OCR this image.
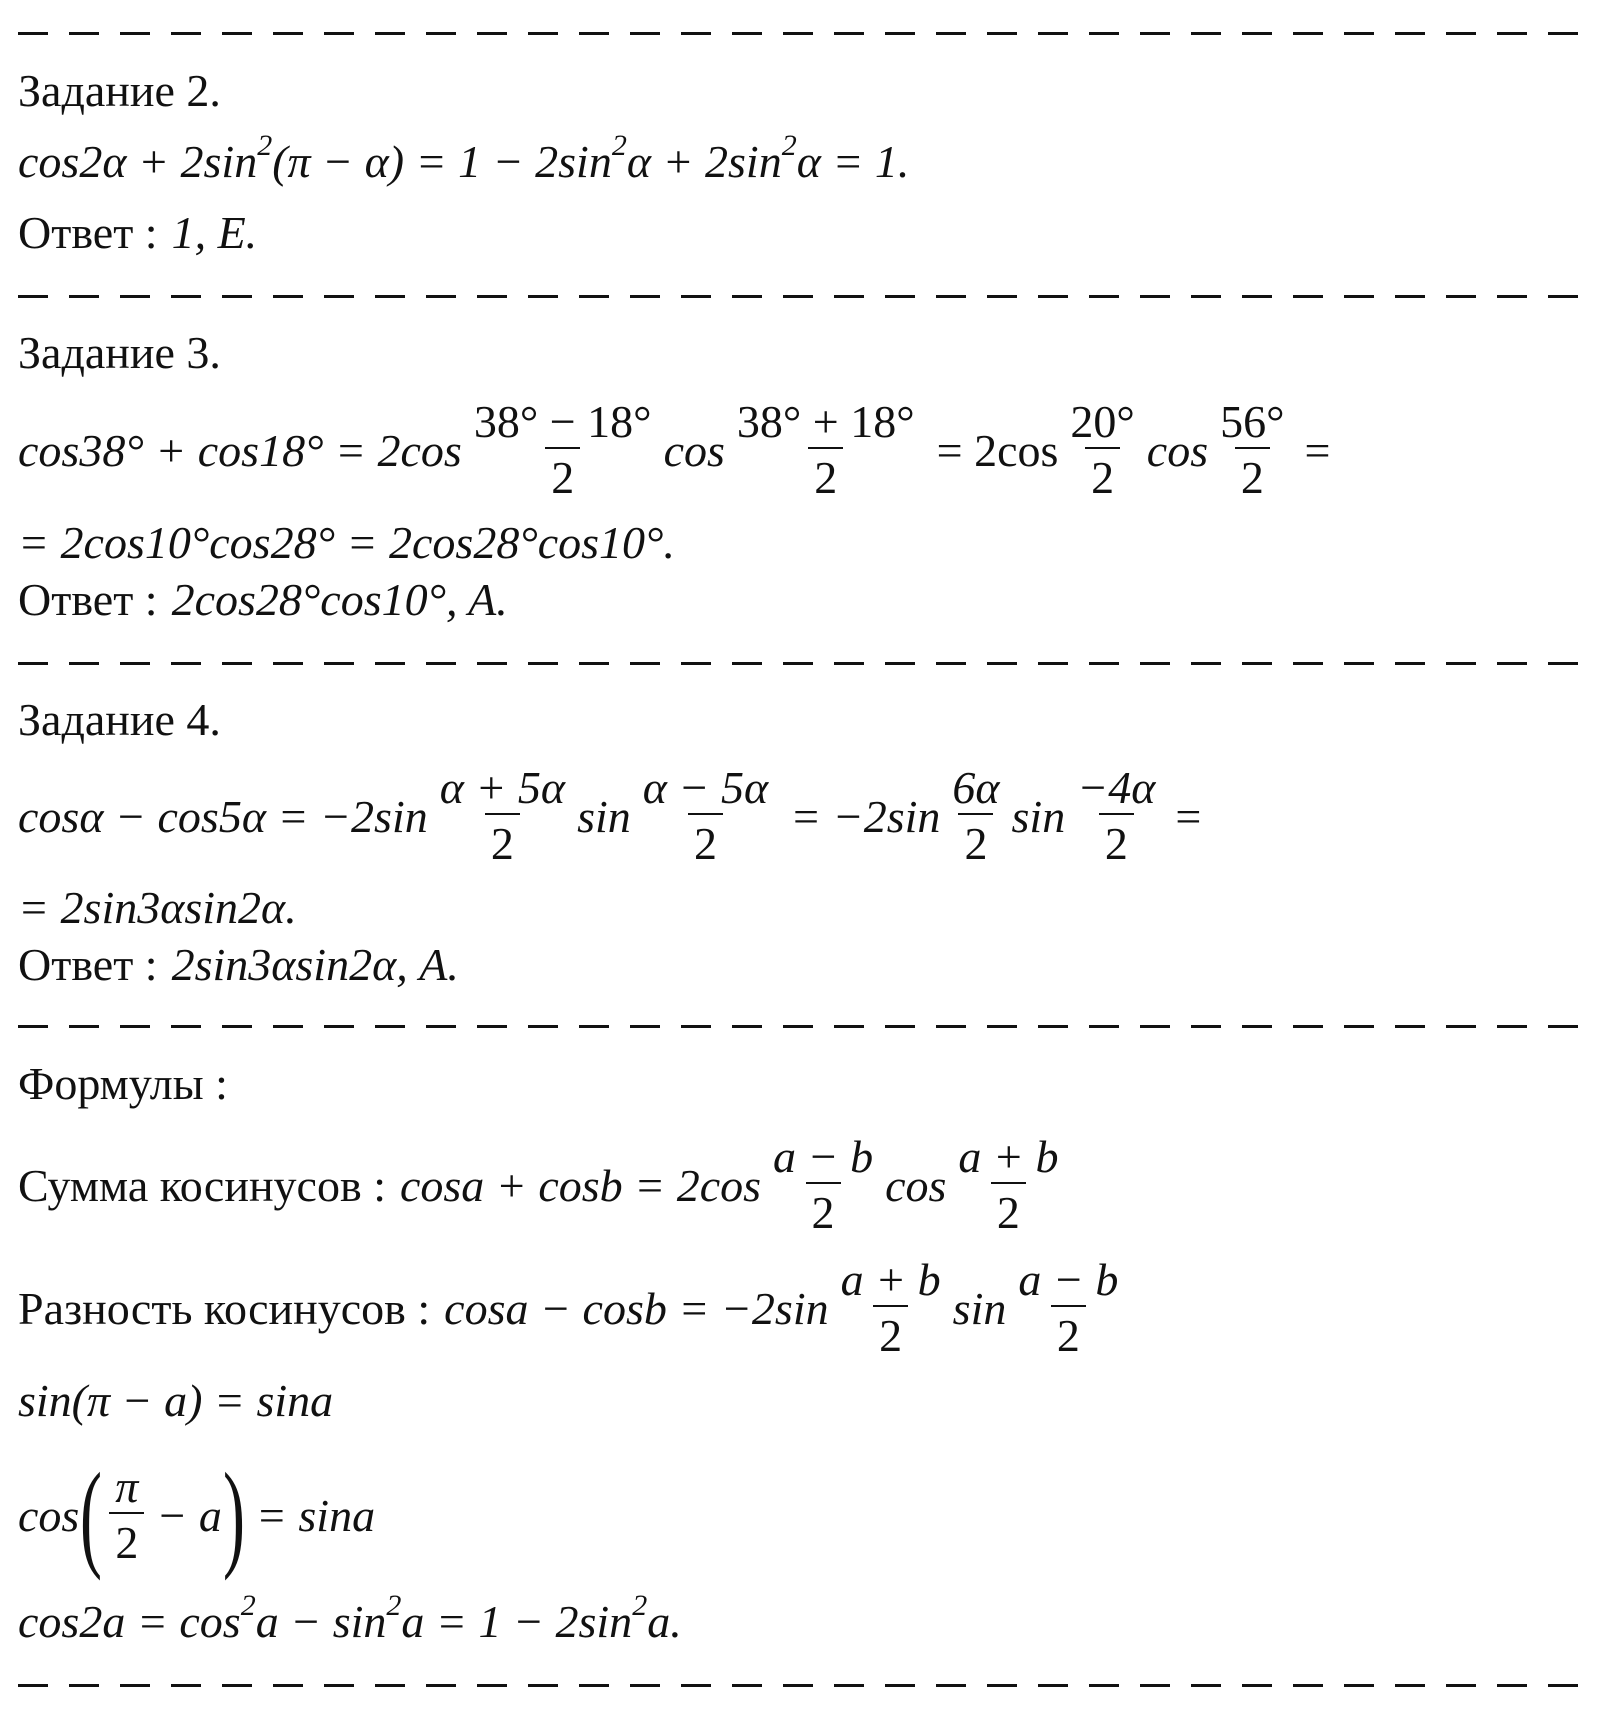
Задание 2.
$\cos 2\alpha + 2\sin^2(\pi - \alpha) = 1 - 2\sin^2\alpha + 2\sin^2\alpha = 1$.
Ответ : 1, E.
Задание 3.
$\cos 38^\circ + \cos 18^\circ = 2\cos \frac{38^\circ - 18^\circ}{2}$ $\cos \frac{38^\circ + 18^\circ}{2} = 2\cos \frac{20^\circ}{2}$ $\cos \frac{56^\circ}{2}$ =
= 2cos10°cos28° = 2cos28°cos10°.
Ответ : 2cos28°cos10°, A.
Задание 4.
$\cos\alpha - \cos 5\alpha = -2\sin \frac{\alpha + 5\alpha}{2}$ $\sin \frac{\alpha - 5\alpha}{2} = -2\sin \frac{6\alpha}{2}$ $\sin \frac{-4\alpha}{2}$ =
= 2sin3αsin2α.
Ответ : 2sin3αsin2α, A.
Формулы :
Сумма косинусов : $\cos a + \cos b = 2\cos \frac{a - b}{2}$ $\cos \frac{a + b}{2}$
Разность косинусов : $\cos a - \cos b = -2\sin \frac{a + b}{2}$ $\sin \frac{a - b}{2}$
sin(π − a) = sina
cos ( $\frac{\pi}{2} - a$ ) = sina
$\cos 2a = \cos^2a - \sin^2a = 1 - 2\sin^2a$.
